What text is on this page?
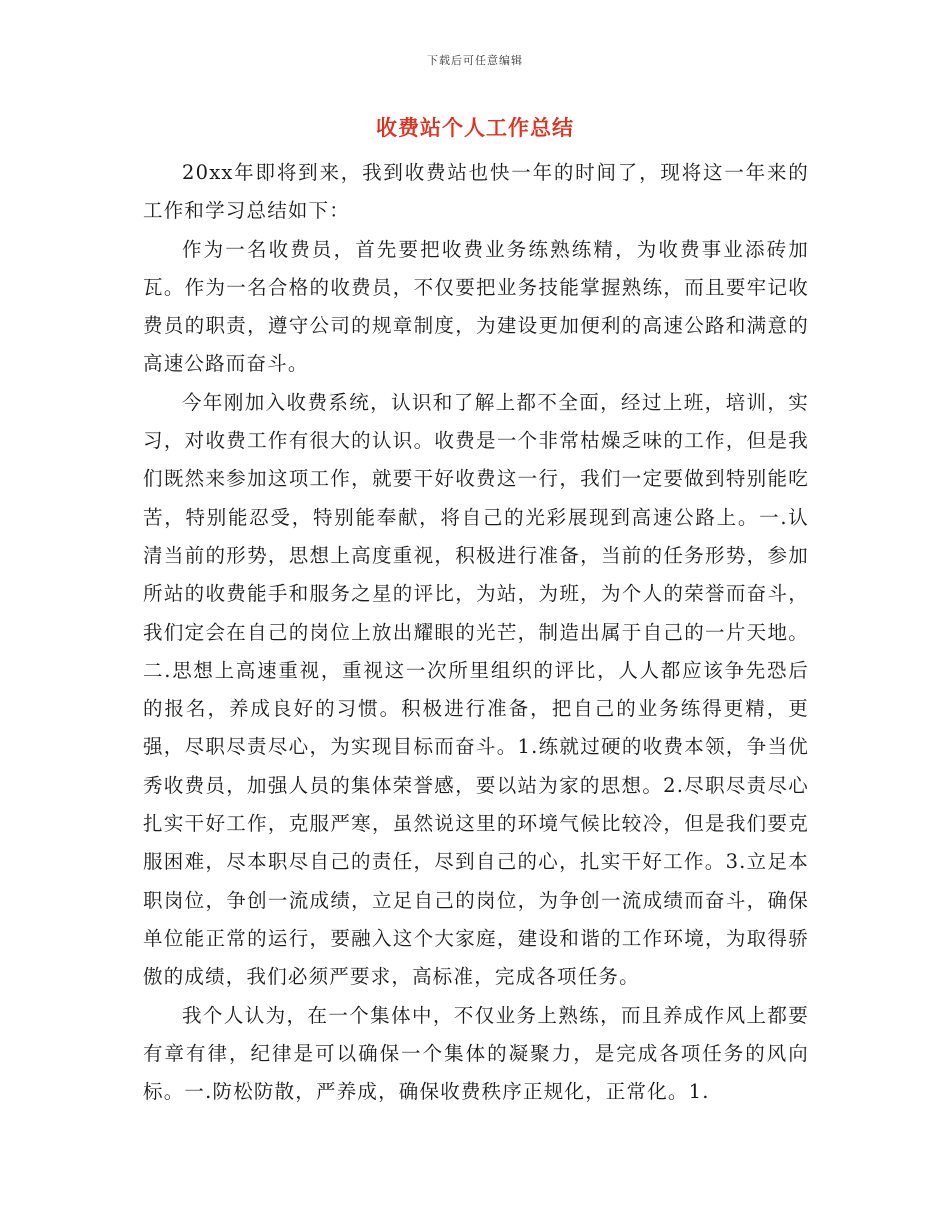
下载后可任意编辑
收费站个人工作总结

20xx年即将到来，我到收费站也快一年的时间了，现将这一年来的工作和学习总结如下：

作为一名收费员，首先要把收费业务练熟练精，为收费事业添砖加瓦。作为一名合格的收费员，不仅要把业务技能掌握熟练，而且要牢记收费员的职责，遵守公司的规章制度，为建设更加便利的高速公路和满意的高速公路而奋斗。

今年刚加入收费系统，认识和了解上都不全面，经过上班，培训，实习，对收费工作有很大的认识。收费是一个非常枯燥乏味的工作，但是我们既然来参加这项工作，就要干好收费这一行，我们一定要做到特别能吃苦，特别能忍受，特别能奉献，将自己的光彩展现到高速公路上。一.认清当前的形势，思想上高度重视，积极进行准备，当前的任务形势，参加所站的收费能手和服务之星的评比，为站，为班，为个人的荣誉而奋斗，我们定会在自己的岗位上放出耀眼的光芒，制造出属于自己的一片天地。二.思想上高速重视，重视这一次所里组织的评比，人人都应该争先恐后的报名，养成良好的习惯。积极进行准备，把自己的业务练得更精，更强，尽职尽责尽心，为实现目标而奋斗。1.练就过硬的收费本领，争当优秀收费员，加强人员的集体荣誉感，要以站为家的思想。2.尽职尽责尽心扎实干好工作，克服严寒，虽然说这里的环境气候比较冷，但是我们要克服困难，尽本职尽自己的责任，尽到自己的心，扎实干好工作。3.立足本职岗位，争创一流成绩，立足自己的岗位，为争创一流成绩而奋斗，确保单位能正常的运行，要融入这个大家庭，建设和谐的工作环境，为取得骄傲的成绩，我们必须严要求，高标准，完成各项任务。

我个人认为，在一个集体中，不仅业务上熟练，而且养成作风上都要有章有律，纪律是可以确保一个集体的凝聚力，是完成各项任务的风向标。一.防松防散，严养成，确保收费秩序正规化，正常化。1.
